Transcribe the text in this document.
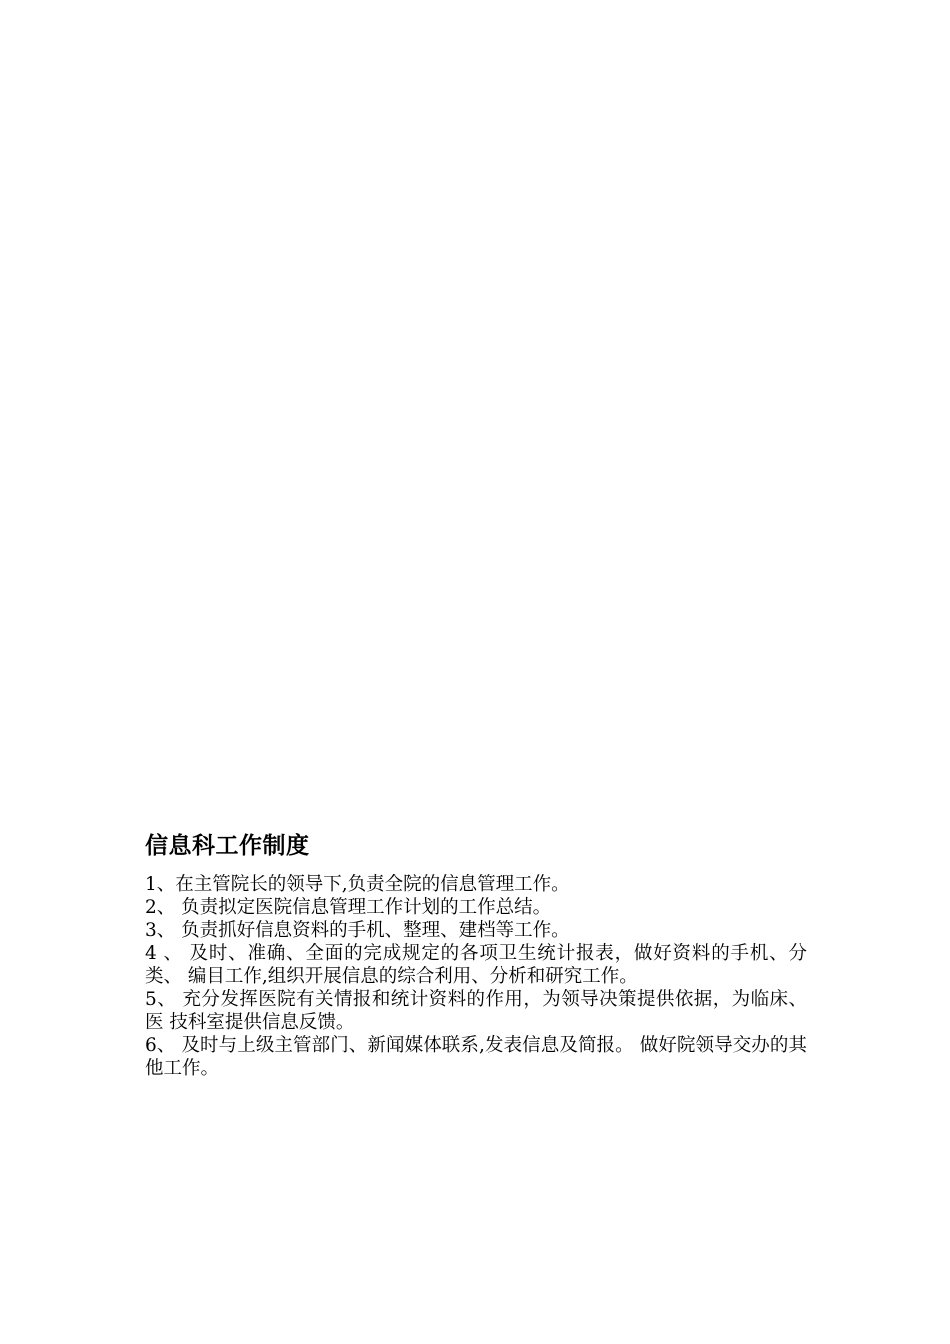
信息科工作制度

1、在主管院长的领导下,负责全院的信息管理工作。

2、 负责拟定医院信息管理工作计划的工作总结。

3、 负责抓好信息资料的手机、整理、建档等工作。

4 、 及时、准确、全面的完成规定的各项卫生统计报表，做好资料的手机、分类、 编目工作,组织开展信息的综合利用、分析和研究工作。

5、 充分发挥医院有关情报和统计资料的作用，为领导决策提供依据，为临床、医 技科室提供信息反馈。

6、 及时与上级主管部门、新闻媒体联系,发表信息及简报。 做好院领导交办的其他工作。
